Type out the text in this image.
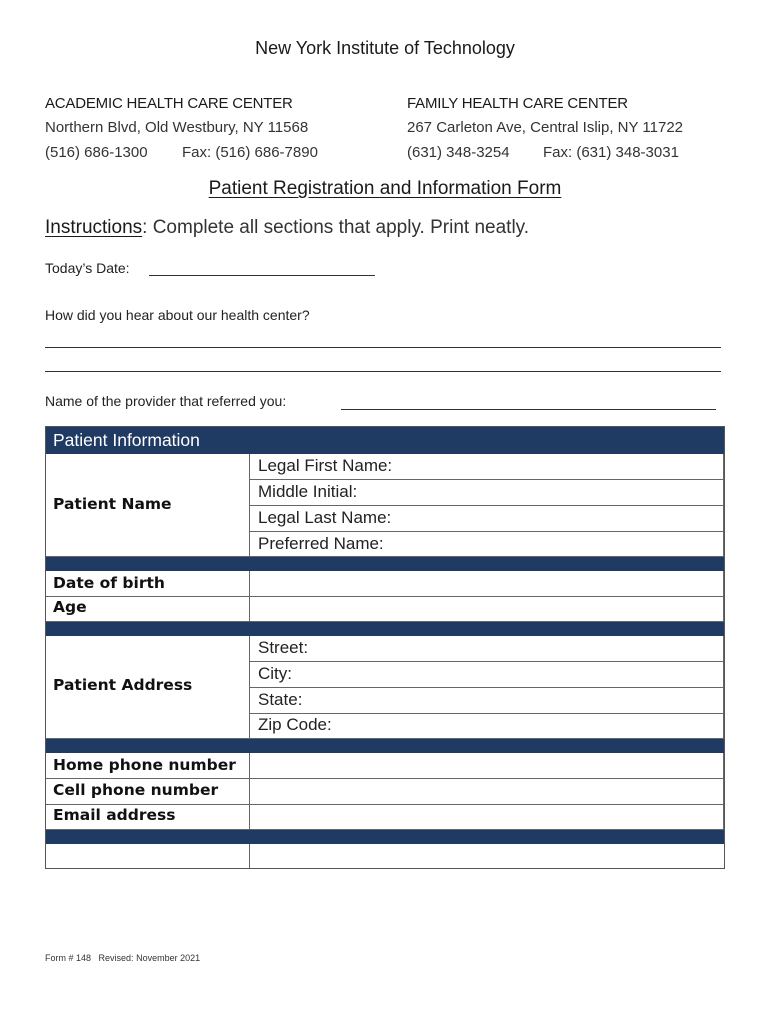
New York Institute of Technology
ACADEMIC HEALTH CARE CENTER
Northern Blvd, Old Westbury, NY 11568
(516) 686-1300 Fax: (516) 686-7890
FAMILY HEALTH CARE CENTER
267 Carleton Ave, Central Islip, NY 11722
(631) 348-3254 Fax: (631) 348-3031
Patient Registration and Information Form
Instructions: Complete all sections that apply. Print neatly.
Today’s Date:
How did you hear about our health center?
Name of the provider that referred you:
Patient Information
Patient Name
Legal First Name:
Middle Initial:
Legal Last Name:
Preferred Name:
Date of birth
Age
Patient Address
Street:
City:
State:
Zip Code:
Home phone number
Cell phone number
Email address
Form # 148 Revised: November 2021
